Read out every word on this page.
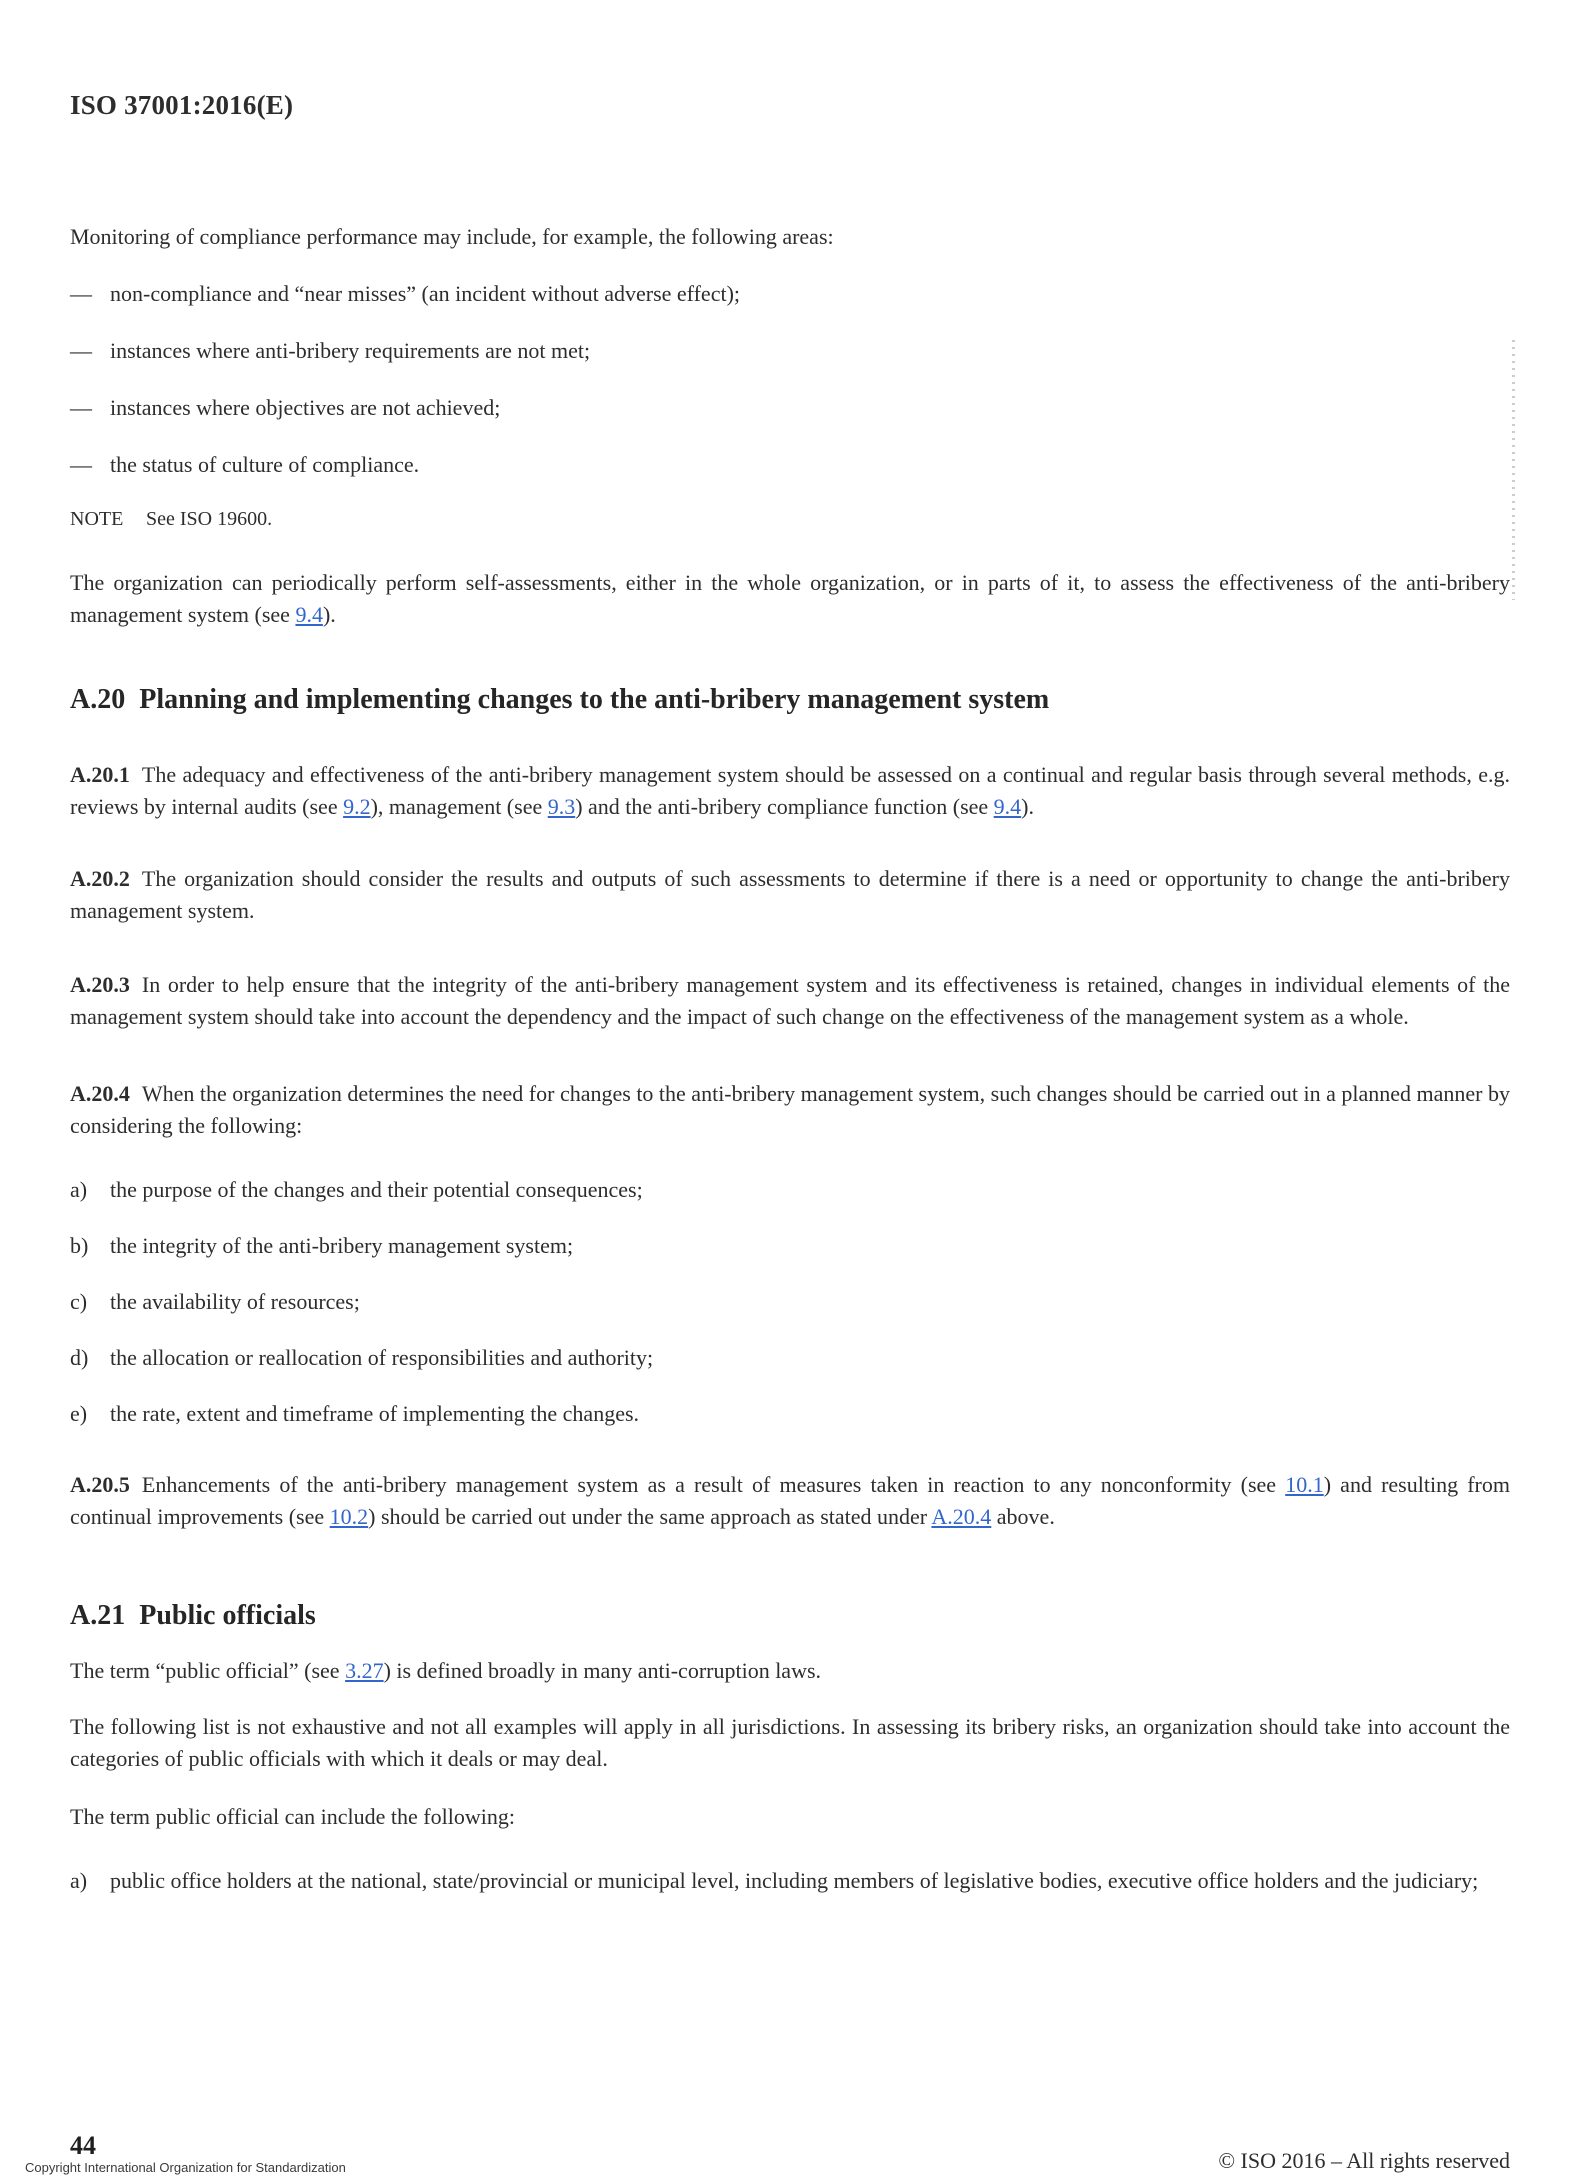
ISO 37001:2016(E)

Monitoring of compliance performance may include, for example, the following areas:

— non-compliance and “near misses” (an incident without adverse effect);
— instances where anti-bribery requirements are not met;
— instances where objectives are not achieved;
— the status of culture of compliance.
NOTE	See ISO 19600.

The organization can periodically perform self-assessments, either in the whole organization, or in parts of it, to assess the effectiveness of the anti-bribery management system (see 9.4).

A.20 Planning and implementing changes to the anti-bribery management system

A.20.1 The adequacy and effectiveness of the anti-bribery management system should be assessed on a continual and regular basis through several methods, e.g. reviews by internal audits (see 9.2), management (see 9.3) and the anti-bribery compliance function (see 9.4).

A.20.2 The organization should consider the results and outputs of such assessments to determine if there is a need or opportunity to change the anti-bribery management system.

A.20.3 In order to help ensure that the integrity of the anti-bribery management system and its effectiveness is retained, changes in individual elements of the management system should take into account the dependency and the impact of such change on the effectiveness of the management system as a whole.

A.20.4 When the organization determines the need for changes to the anti-bribery management system, such changes should be carried out in a planned manner by considering the following:

a)	the purpose of the changes and their potential consequences;
b) the integrity of the anti-bribery management system;
c)	the availability of resources;
d) the allocation or reallocation of responsibilities and authority;
e)	the rate, extent and timeframe of implementing the changes.

A.20.5 Enhancements of the anti-bribery management system as a result of measures taken in reaction to any nonconformity (see 10.1) and resulting from continual improvements (see 10.2) should be carried out under the same approach as stated under A.20.4 above.

A.21 Public officials

The term “public official” (see 3.27) is defined broadly in many anti-corruption laws.

The following list is not exhaustive and not all examples will apply in all jurisdictions. In assessing its bribery risks, an organization should take into account the categories of public officials with which it deals or may deal.

The term public official can include the following:

a)	public office holders at the national, state/provincial or municipal level, including members of legislative bodies, executive office holders and the judiciary;
44
Copyright International Organization for Standardization	© ISO 2016 – All rights reserved
